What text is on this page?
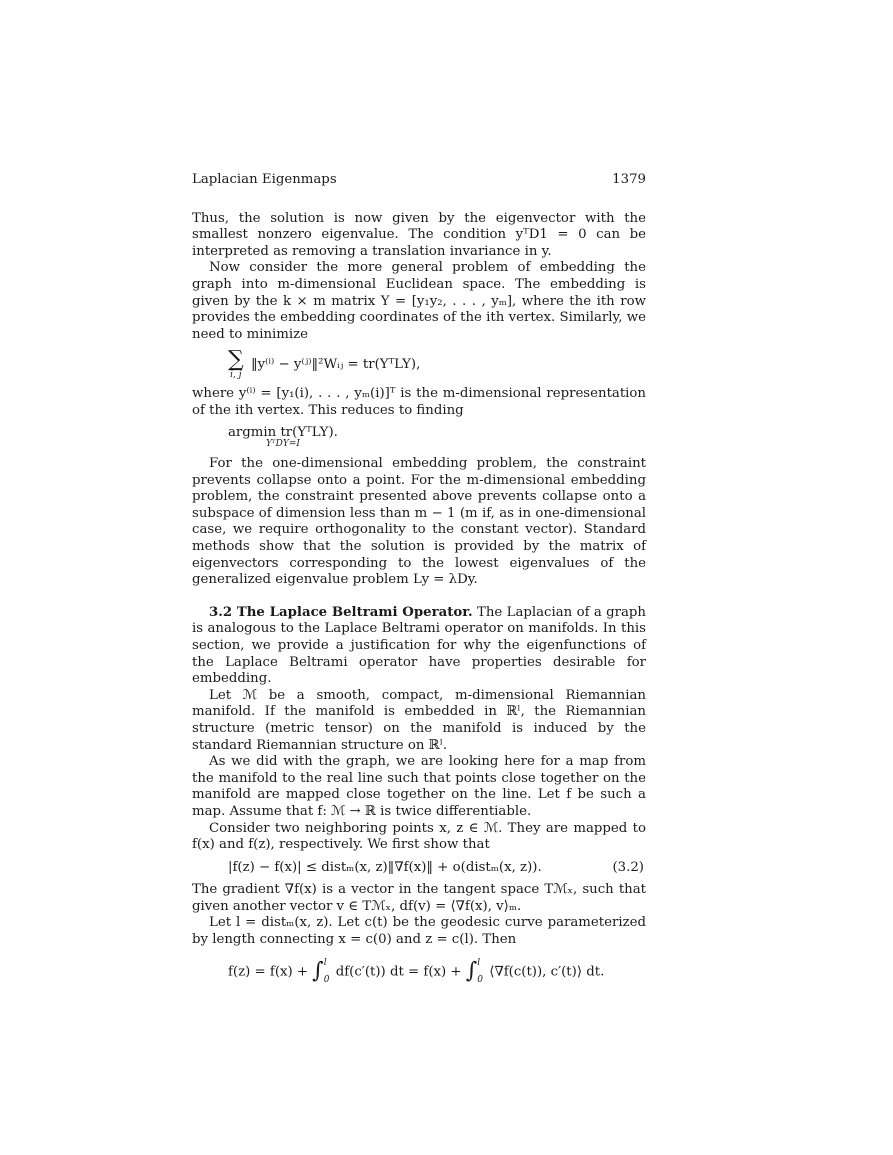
Laplacian Eigenmaps	1379

Thus, the solution is now given by the eigenvector with the smallest nonzero eigenvalue. The condition yᵀD1 = 0 can be interpreted as removing a translation invariance in y.

Now consider the more general problem of embedding the graph into m-dimensional Euclidean space. The embedding is given by the k × m matrix Y = [y₁y₂, . . . , yₘ], where the ith row provides the embedding coordinates of the ith vertex. Similarly, we need to minimize

∑
i, j
‖y⁽ⁱ⁾ − y⁽ʲ⁾‖²Wᵢⱼ = tr(YᵀLY),

where y⁽ⁱ⁾ = [y₁(i), . . . , yₘ(i)]ᵀ is the m-dimensional representation of the ith vertex. This reduces to finding

argmin tr(YᵀLY).
YᵀDY=I

For the one-dimensional embedding problem, the constraint prevents collapse onto a point. For the m-dimensional embedding problem, the constraint presented above prevents collapse onto a subspace of dimension less than m − 1 (m if, as in one-dimensional case, we require orthogonality to the constant vector). Standard methods show that the solution is provided by the matrix of eigenvectors corresponding to the lowest eigenvalues of the generalized eigenvalue problem Ly = λDy.

3.2 The Laplace Beltrami Operator. The Laplacian of a graph is analogous to the Laplace Beltrami operator on manifolds. In this section, we provide a justification for why the eigenfunctions of the Laplace Beltrami operator have properties desirable for embedding.

Let ℳ be a smooth, compact, m-dimensional Riemannian manifold. If the manifold is embedded in ℝˡ, the Riemannian structure (metric tensor) on the manifold is induced by the standard Riemannian structure on ℝˡ.

As we did with the graph, we are looking here for a map from the manifold to the real line such that points close together on the manifold are mapped close together on the line. Let f be such a map. Assume that f: ℳ → ℝ is twice differentiable.

Consider two neighboring points x, z ∈ ℳ. They are mapped to f(x) and f(z), respectively. We first show that

|f(z) − f(x)| ≤ distₘ(x, z)‖∇f(x)‖ + o(distₘ(x, z)).	(3.2)

The gradient ∇f(x) is a vector in the tangent space Tℳₓ, such that given another vector v ∈ Tℳₓ, df(v) = ⟨∇f(x), v⟩ₘ.

Let l = distₘ(x, z). Let c(t) be the geodesic curve parameterized by length connecting x = c(0) and z = c(l). Then

f(z) = f(x) + ∫ l
0
df(c′(t)) dt = f(x) + ∫ l
0
⟨∇f(c(t)), c′(t)⟩ dt.
